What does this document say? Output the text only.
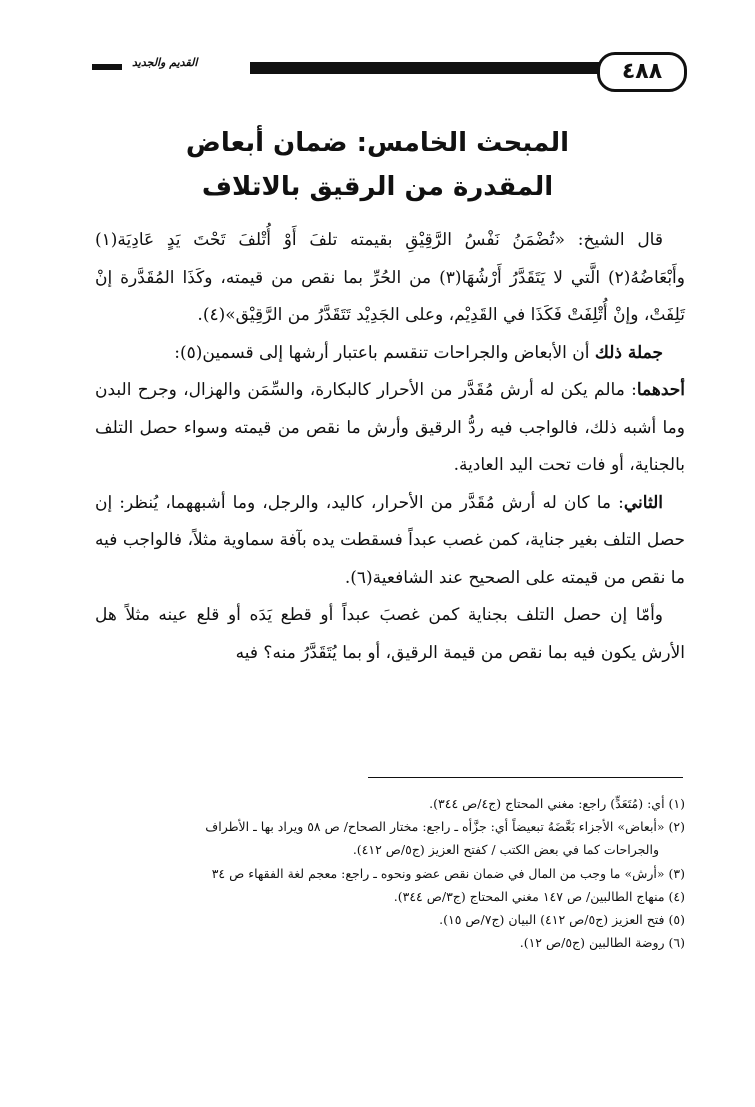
القديم والجديد	٤٨٨
المبحث الخامس: ضمان أبعاض
المقدرة من الرقيق بالاتلاف

قال الشيخ: «تُضْمَنُ نَفْسُ الرَّقِيْقِ بقيمته تلفَ أَوْ أُتْلفَ تَحْتَ يَدٍ عَادِيَة(١) وأَبْعَاضُهُ(٢) الَّتي لا يَتَقَدَّرُ أَرْشُهَا(٣) من الحُرِّ بما نقص من قيمته، وكَذَا المُقَدَّرة إنْ تَلِفَتْ، وإنْ أُتْلِفَتْ فَكَذَا في القَدِيْم، وعلى الجَدِيْد تَتَقَدَّرُ من الرَّقِيْق»(٤).

جملة ذلك أن الأبعاض والجراحات تنقسم باعتبار أرشها إلى قسمين(٥):

أحدهما: مالم يكن له أرش مُقَدَّر من الأحرار كالبكارة، والسِّمَن والهزال، وجرح البدن وما أشبه ذلك، فالواجب فيه ردُّ الرقيق وأرش ما نقص من قيمته وسواء حصل التلف بالجناية، أو فات تحت اليد العادية.

الثاني: ما كان له أرش مُقَدَّر من الأحرار، كاليد، والرجل، وما أشبههما، يُنظر: إن حصل التلف بغير جناية، كمن غصب عبداً فسقطت يده بآفة سماوية مثلاً، فالواجب فيه ما نقص من قيمته على الصحيح عند الشافعية(٦).

وأمّا إن حصل التلف بجناية كمن غصبَ عبداً أو قطع يَدَه أو قلع عينه مثلاً هل الأرش يكون فيه بما نقص من قيمة الرقيق، أو بما يُتَقَدَّرُ منه؟ فيه

(١) أي: (مُتَعَدٍّ) راجع: مغني المحتاج (ج٤/ص ٣٤٤).
(٢) «أبعاض» الأجزاء بَعَّضَهُ تبعيضاً أي: جزَّأه ـ راجع: مختار الصحاح/ ص ٥٨ ويراد بها ـ الأطراف
والجراحات كما في بعض الكتب / كفتح العزيز (ج٥/ص ٤١٢).
(٣) «أرش» ما وجب من المال في ضمان نقص عضو ونحوه ـ راجع: معجم لغة الفقهاء ص ٣٤
(٤) منهاج الطالبين/ ص ١٤٧ مغني المحتاج (ج٣/ص ٣٤٤).
(٥) فتح العزيز (ج٥/ص ٤١٢) البيان (ج٧/ص ١٥).
(٦) روضة الطالبين (ج٥/ص ١٢).
